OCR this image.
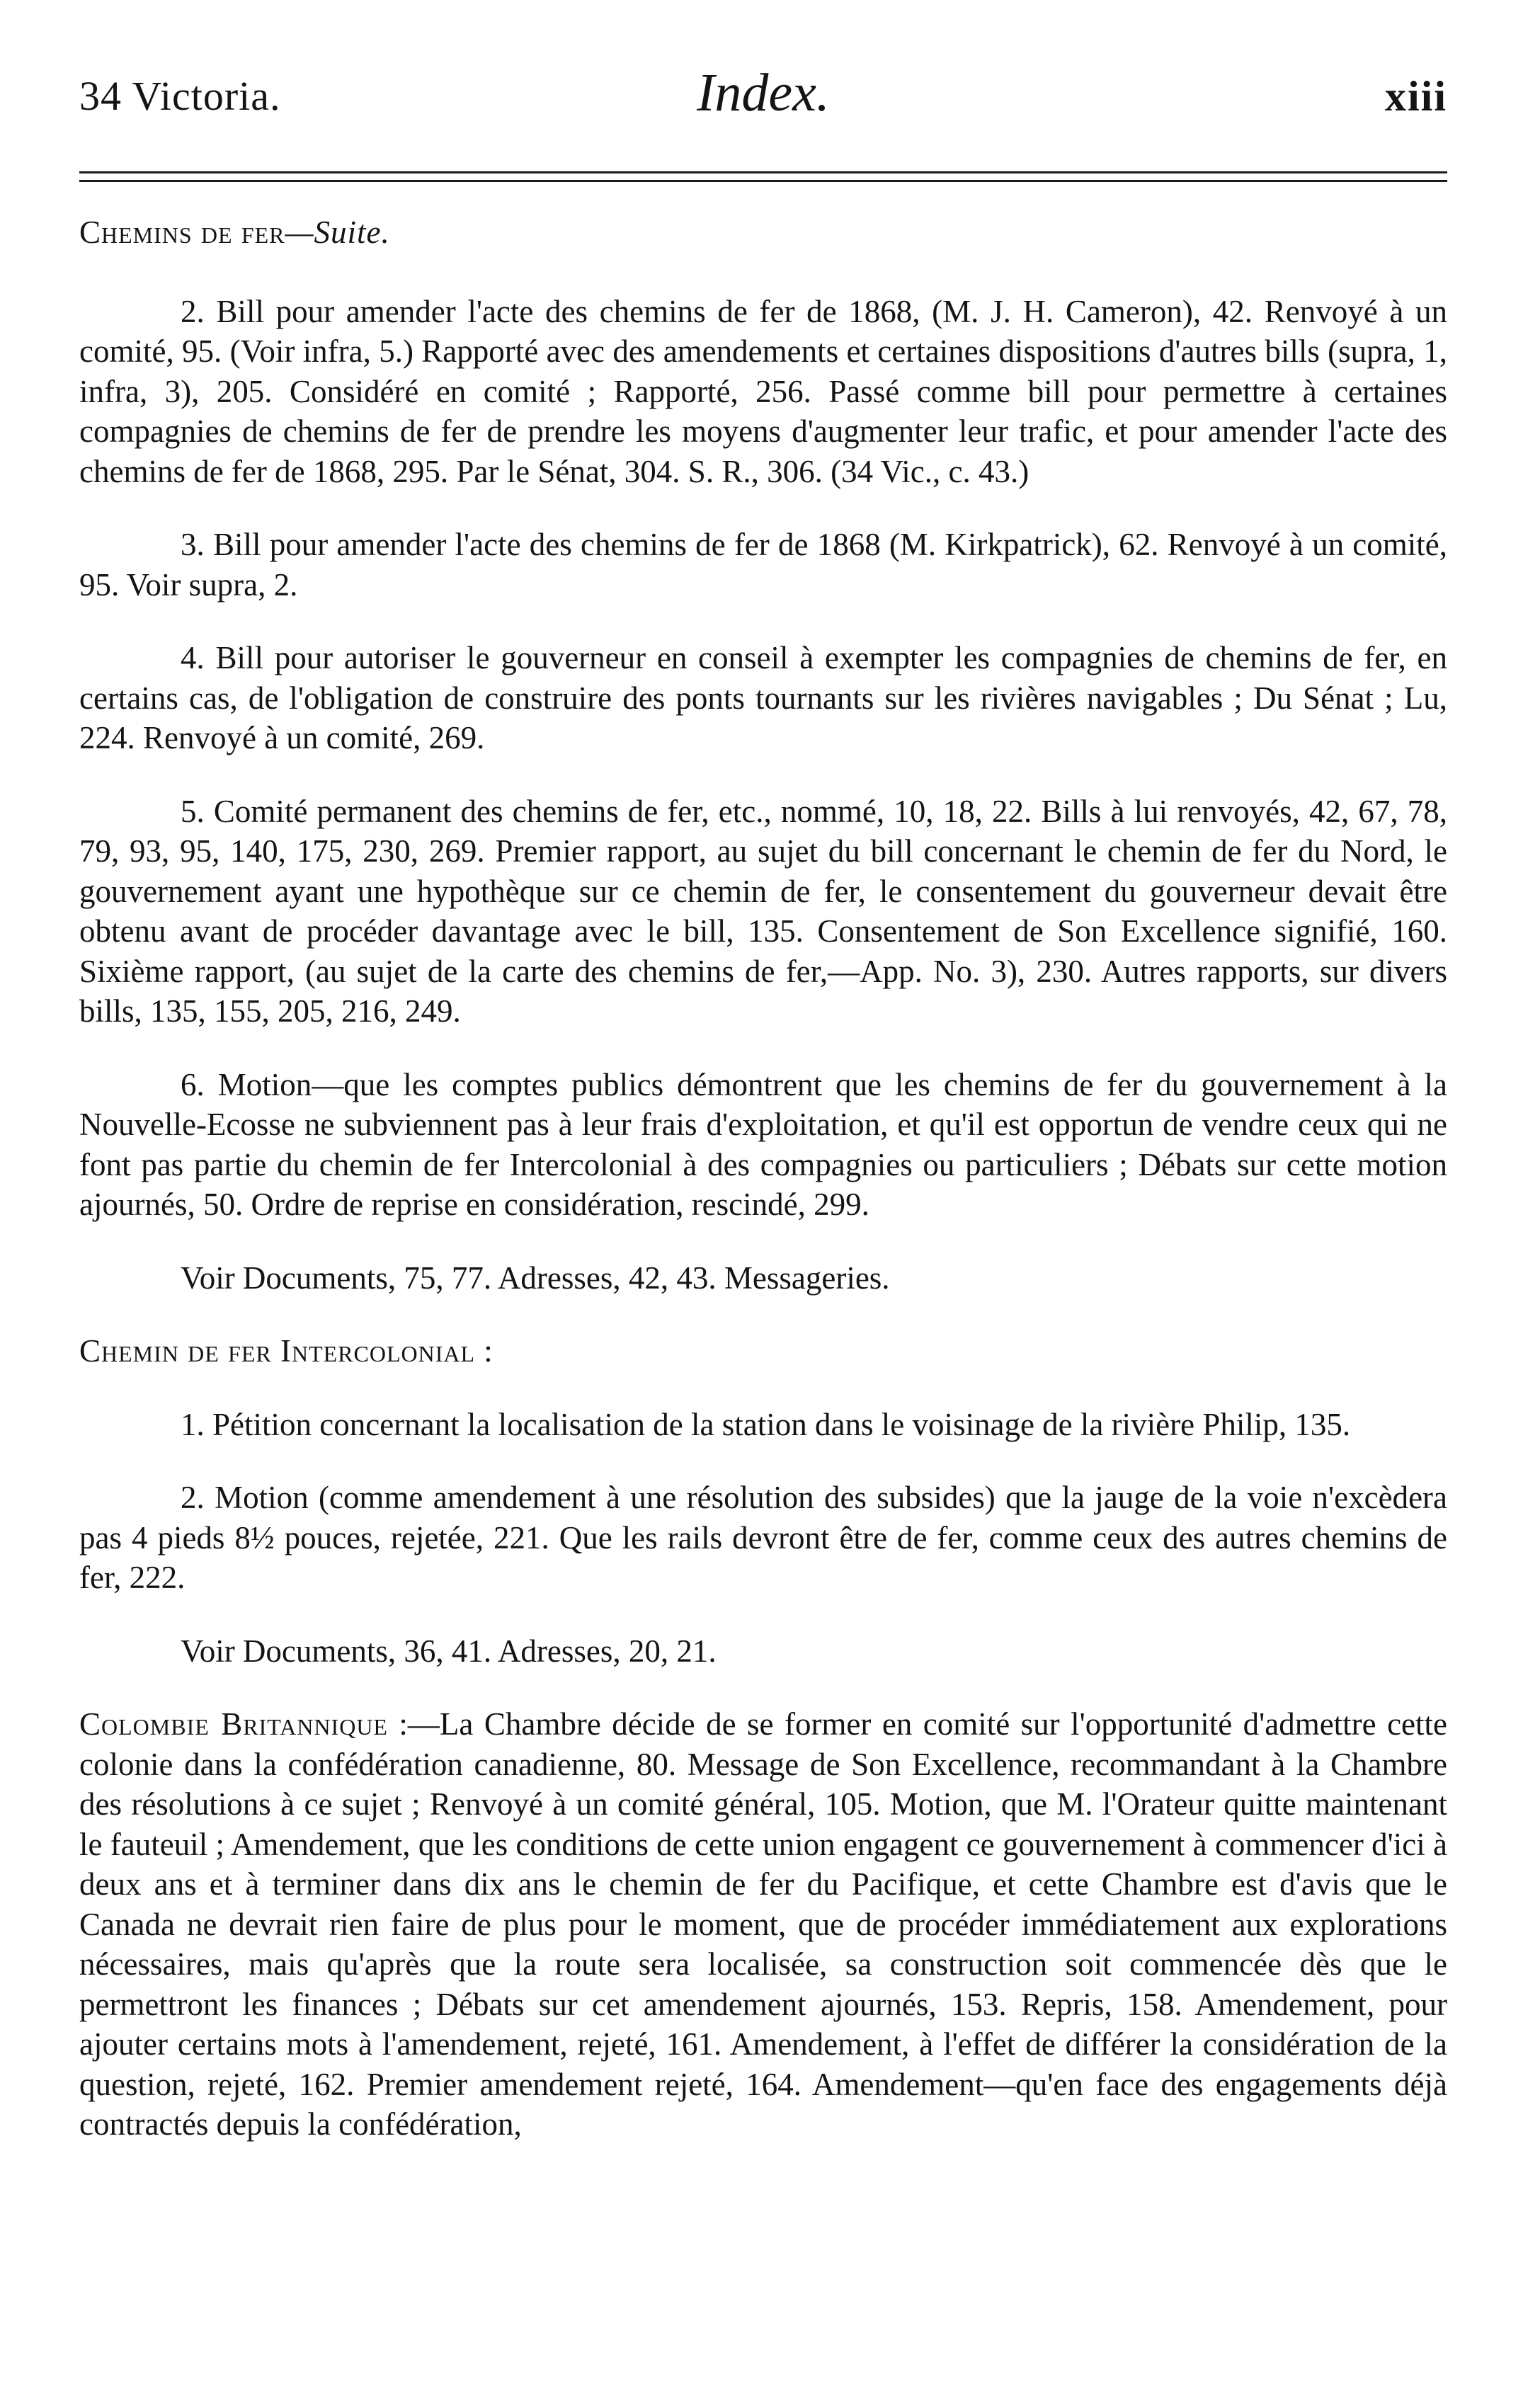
34 Victoria.	Index.	xiii

Chemins de fer—Suite.

2. Bill pour amender l'acte des chemins de fer de 1868, (M. J. H. Cameron), 42. Renvoyé à un comité, 95. (Voir infra, 5.) Rapporté avec des amendements et certaines dispositions d'autres bills (supra, 1, infra, 3), 205. Considéré en comité ; Rapporté, 256. Passé comme bill pour permettre à certaines compagnies de chemins de fer de prendre les moyens d'augmenter leur trafic, et pour amender l'acte des chemins de fer de 1868, 295. Par le Sénat, 304. S. R., 306. (34 Vic., c. 43.)

3. Bill pour amender l'acte des chemins de fer de 1868 (M. Kirkpatrick), 62. Renvoyé à un comité, 95. Voir supra, 2.

4. Bill pour autoriser le gouverneur en conseil à exempter les compagnies de chemins de fer, en certains cas, de l'obligation de construire des ponts tournants sur les rivières navigables ; Du Sénat ; Lu, 224. Renvoyé à un comité, 269.

5. Comité permanent des chemins de fer, etc., nommé, 10, 18, 22. Bills à lui renvoyés, 42, 67, 78, 79, 93, 95, 140, 175, 230, 269. Premier rapport, au sujet du bill concernant le chemin de fer du Nord, le gouvernement ayant une hypothèque sur ce chemin de fer, le consentement du gouverneur devait être obtenu avant de procéder davantage avec le bill, 135. Consentement de Son Excellence signifié, 160. Sixième rapport, (au sujet de la carte des chemins de fer,—App. No. 3), 230. Autres rapports, sur divers bills, 135, 155, 205, 216, 249.

6. Motion—que les comptes publics démontrent que les chemins de fer du gouvernement à la Nouvelle-Ecosse ne subviennent pas à leur frais d'exploitation, et qu'il est opportun de vendre ceux qui ne font pas partie du chemin de fer Intercolonial à des compagnies ou particuliers ; Débats sur cette motion ajournés, 50. Ordre de reprise en considération, rescindé, 299.

Voir Documents, 75, 77. Adresses, 42, 43. Messageries.

Chemin de fer Intercolonial :

1. Pétition concernant la localisation de la station dans le voisinage de la rivière Philip, 135.

2. Motion (comme amendement à une résolution des subsides) que la jauge de la voie n'excèdera pas 4 pieds 8½ pouces, rejetée, 221. Que les rails devront être de fer, comme ceux des autres chemins de fer, 222.

Voir Documents, 36, 41. Adresses, 20, 21.

Colombie Britannique :—La Chambre décide de se former en comité sur l'opportunité d'admettre cette colonie dans la confédération canadienne, 80. Message de Son Excellence, recommandant à la Chambre des résolutions à ce sujet ; Renvoyé à un comité général, 105. Motion, que M. l'Orateur quitte maintenant le fauteuil ; Amendement, que les conditions de cette union engagent ce gouvernement à commencer d'ici à deux ans et à terminer dans dix ans le chemin de fer du Pacifique, et cette Chambre est d'avis que le Canada ne devrait rien faire de plus pour le moment, que de procéder immédiatement aux explorations nécessaires, mais qu'après que la route sera localisée, sa construction soit commencée dès que le permettront les finances ; Débats sur cet amendement ajournés, 153. Repris, 158. Amendement, pour ajouter certains mots à l'amendement, rejeté, 161. Amendement, à l'effet de différer la considération de la question, rejeté, 162. Premier amendement rejeté, 164. Amendement—qu'en face des engagements déjà contractés depuis la confédération,
